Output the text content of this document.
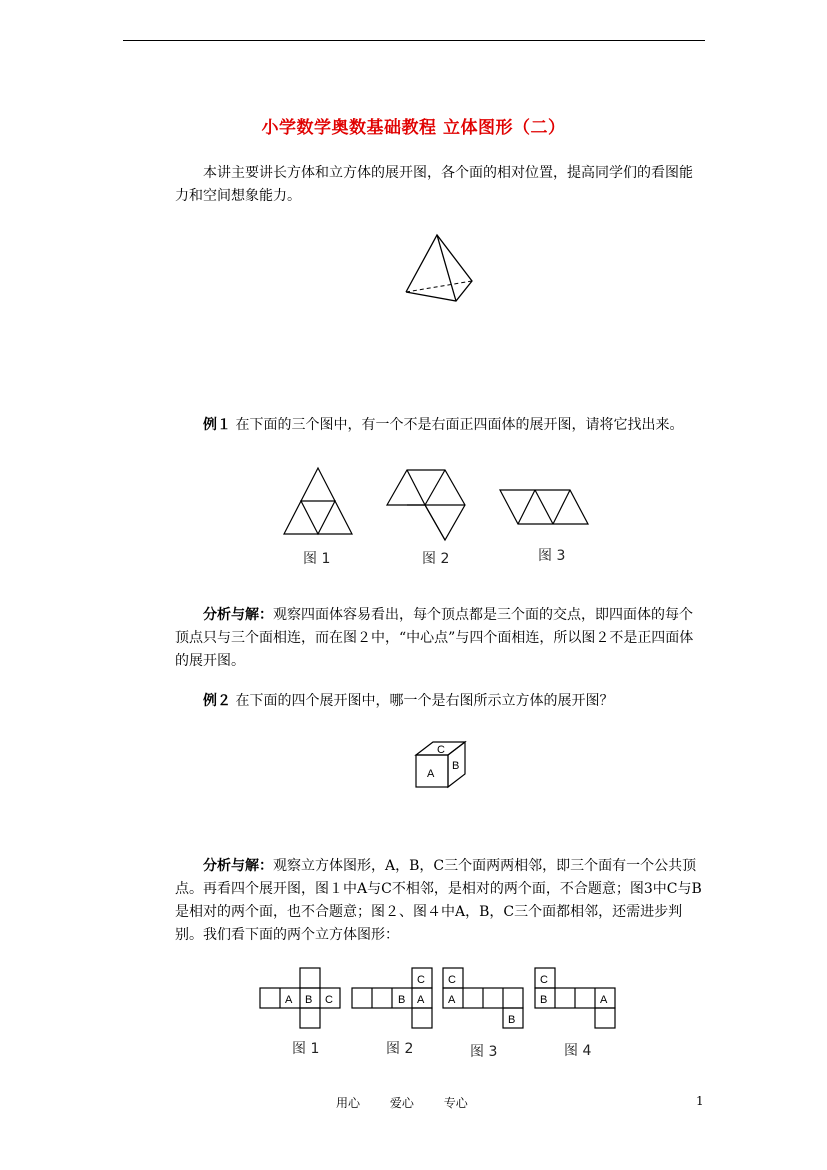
小学数学奥数基础教程 立体图形（二）

本讲主要讲长方体和立方体的展开图，各个面的相对位置，提高同学们的看图能力和空间想象能力。

例１ 在下面的三个图中，有一个不是右面正四面体的展开图，请将它找出来。

图 1	图 2	图 3

分析与解：观察四面体容易看出，每个顶点都是三个面的交点，即四面体的每个顶点只与三个面相连，而在图２中，“中心点”与四个面相连，所以图２不是正四面体的展开图。

例２ 在下面的四个展开图中，哪一个是右图所示立方体的展开图？

A
B
C

分析与解：观察立方体图形，A，B，C三个面两两相邻，即三个面有一个公共顶点。再看四个展开图，图１中A与C不相邻，是相对的两个面，不合题意；图3中C与B是相对的两个面，也不合题意；图２、图４中A，B，C三个面都相邻，还需进步判别。我们看下面的两个立方体图形：

A B C	B A
C C
A
B
C
B	A
图 1	图 2	图 3	图 4
用心 爱心 专心	1
